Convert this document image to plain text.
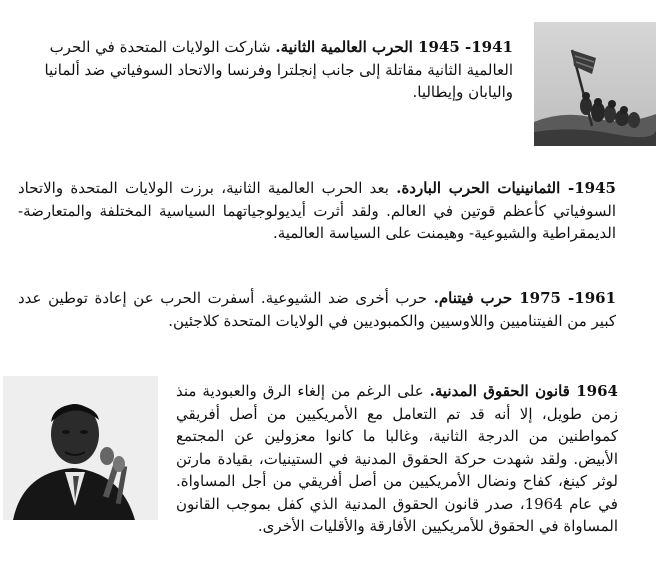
1941- 1945 الحرب العالمية الثانية. شاركت الولايات المتحدة في الحرب العالمية الثانية مقاتلة إلى جانب إنجلترا وفرنسا والاتحاد السوفياتي ضد ألمانيا واليابان وإيطاليا.
1945- الثمانينيات الحرب الباردة. بعد الحرب العالمية الثانية، برزت الولايات المتحدة والاتحاد السوفياتي كأعظم قوتين في العالم. ولقد أثرت أيديولوجياتهما السياسية المختلفة والمتعارضة- الديمقراطية والشيوعية- وهيمنت على السياسة العالمية.
1961- 1975 حرب فيتنام. حرب أخرى ضد الشيوعية. أسفرت الحرب عن إعادة توطين عدد كبير من الفيتناميين واللاوسيين والكمبوديين في الولايات المتحدة كلاجئين.
1964 قانون الحقوق المدنية. على الرغم من إلغاء الرق والعبودية منذ زمن طويل، إلا أنه قد تم التعامل مع الأمريكيين من أصل أفريقي كمواطنين من الدرجة الثانية، وغالبا ما كانوا معزولين عن المجتمع الأبيض. ولقد شهدت حركة الحقوق المدنية في الستينيات، بقيادة مارتن لوثر كينغ، كفاح ونضال الأمريكيين من أصل أفريقي من أجل المساواة. في عام 1964، صدر قانون الحقوق المدنية الذي كفل بموجب القانون المساواة في الحقوق للأمريكيين الأفارقة والأقليات الأخرى.
